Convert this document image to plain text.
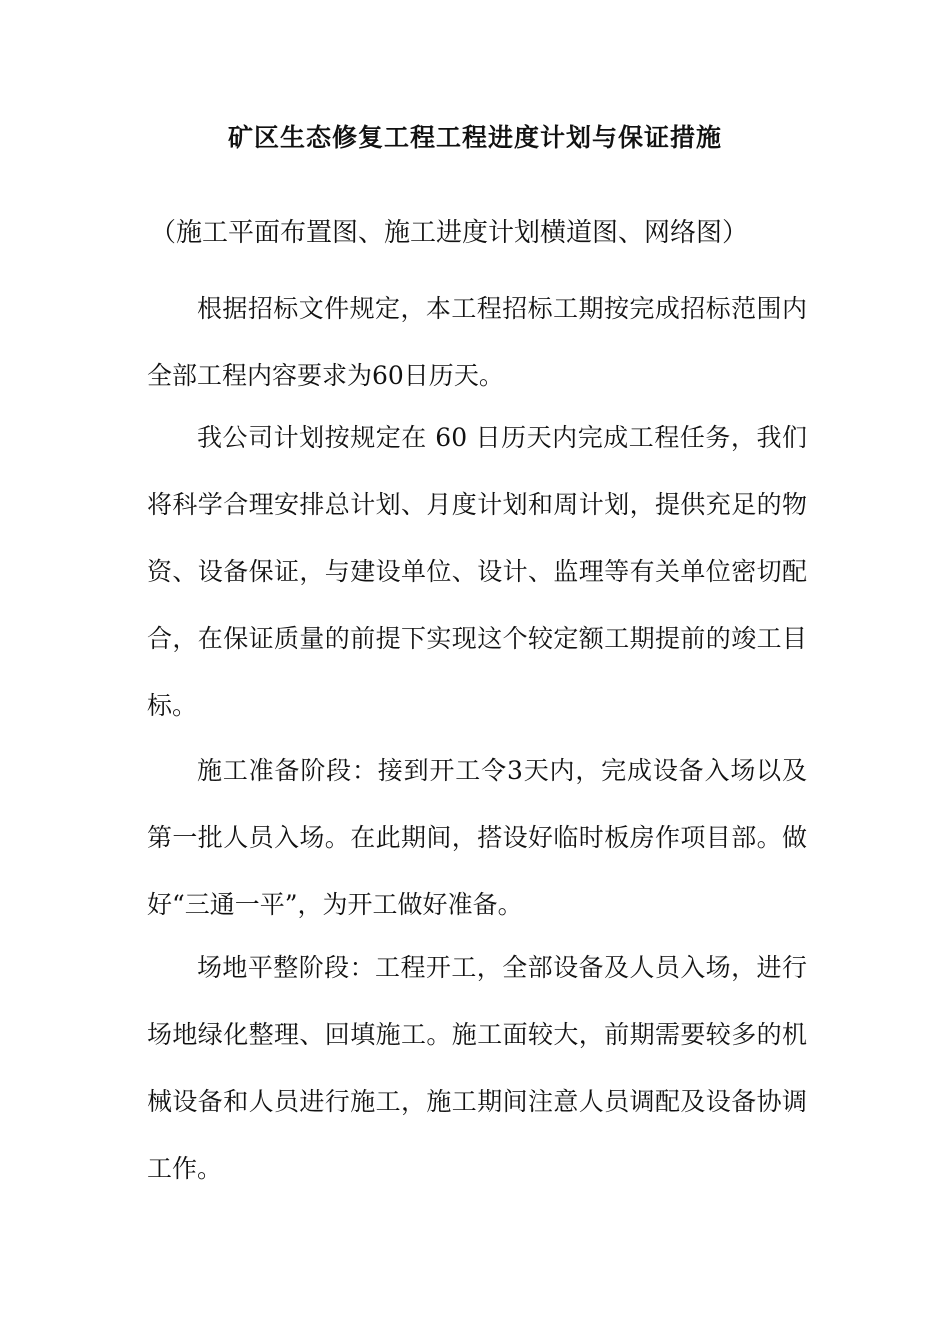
矿区生态修复工程工程进度计划与保证措施
（施工平面布置图、施工进度计划横道图、网络图）

根据招标文件规定，本工程招标工期按完成招标范围内全部工程内容要求为60日历天。

我公司计划按规定在 60 日历天内完成工程任务，我们将科学合理安排总计划、月度计划和周计划，提供充足的物资、设备保证，与建设单位、设计、监理等有关单位密切配合，在保证质量的前提下实现这个较定额工期提前的竣工目标。

施工准备阶段：接到开工令3天内，完成设备入场以及第一批人员入场。在此期间，搭设好临时板房作项目部。做好“三通一平”，为开工做好准备。

场地平整阶段：工程开工，全部设备及人员入场，进行场地绿化整理、回填施工。施工面较大，前期需要较多的机械设备和人员进行施工，施工期间注意人员调配及设备协调工作。
